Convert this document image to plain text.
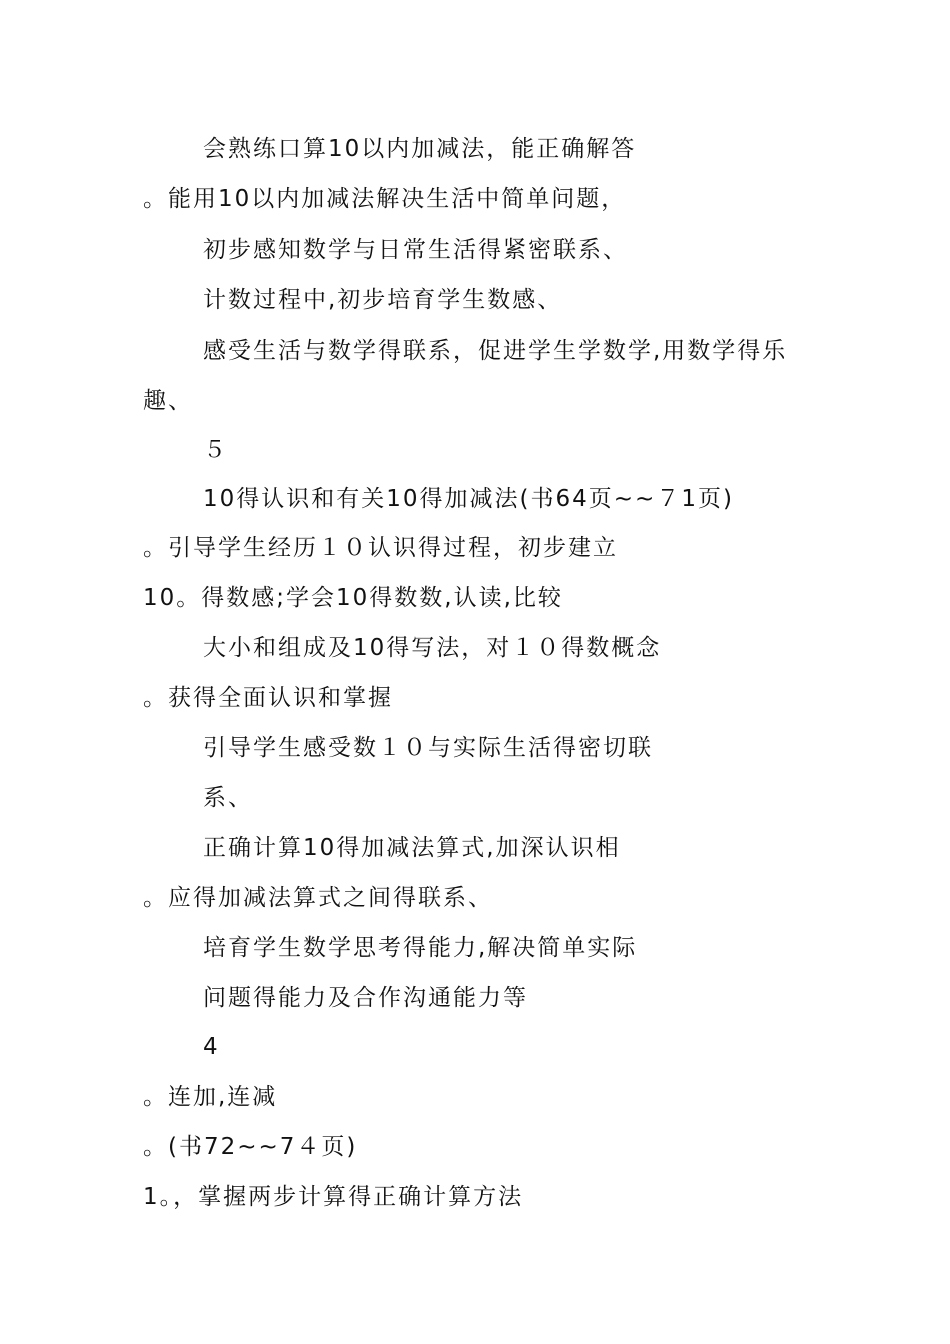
会熟练口算10以内加减法，能正确解答
。能用10以内加减法解决生活中简单问题，
初步感知数学与日常生活得紧密联系、
计数过程中,初步培育学生数感、
感受生活与数学得联系，促进学生学数学,用数学得乐
趣、
５
10得认识和有关10得加减法(书64页~~７1页)
。引导学生经历１０认识得过程，初步建立
10。得数感;学会10得数数,认读,比较
大小和组成及10得写法，对１０得数概念
。获得全面认识和掌握
引导学生感受数１０与实际生活得密切联
系、
正确计算10得加减法算式,加深认识相
。应得加减法算式之间得联系、
培育学生数学思考得能力,解决简单实际
问题得能力及合作沟通能力等
4
。连加,连减
。(书72~~7４页)
1。，掌握两步计算得正确计算方法
